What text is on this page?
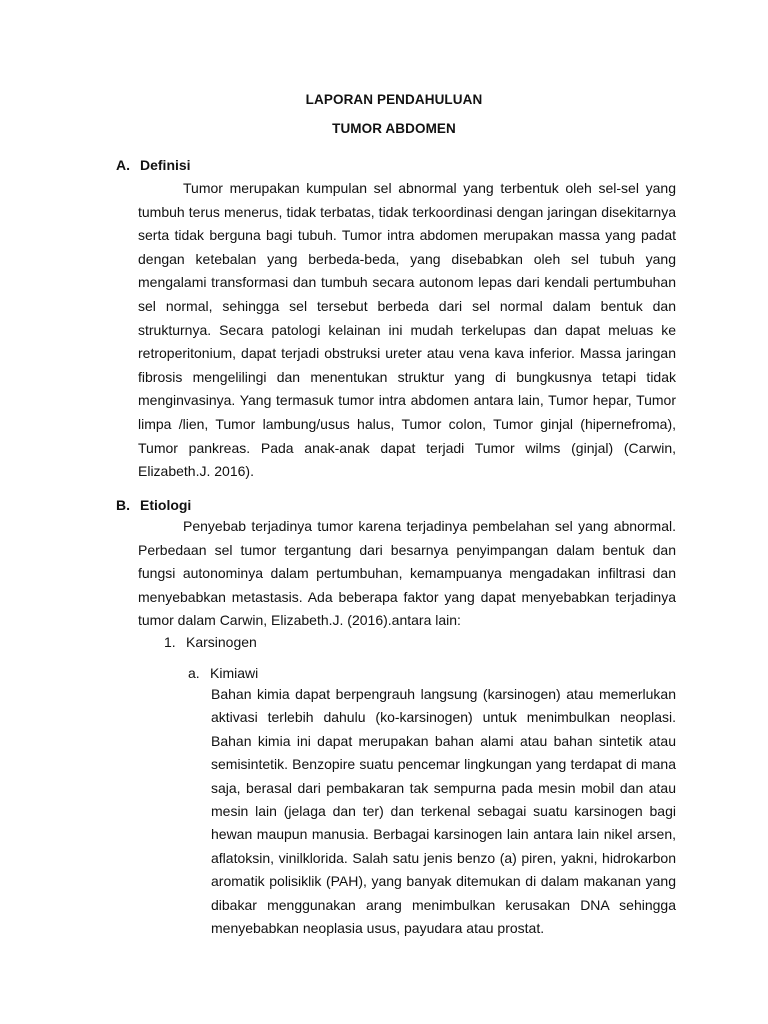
LAPORAN PENDAHULUAN
TUMOR ABDOMEN
A. Definisi

Tumor merupakan kumpulan sel abnormal yang terbentuk oleh sel-sel yang tumbuh terus menerus, tidak terbatas, tidak terkoordinasi dengan jaringan disekitarnya serta tidak berguna bagi tubuh. Tumor intra abdomen merupakan massa yang padat dengan ketebalan yang berbeda-beda, yang disebabkan oleh sel tubuh yang mengalami transformasi dan tumbuh secara autonom lepas dari kendali pertumbuhan sel normal, sehingga sel tersebut berbeda dari sel normal dalam bentuk dan strukturnya. Secara patologi kelainan ini mudah terkelupas dan dapat meluas ke retroperitonium, dapat terjadi obstruksi ureter atau vena kava inferior. Massa jaringan fibrosis mengelilingi dan menentukan struktur yang di bungkusnya tetapi tidak menginvasinya. Yang termasuk tumor intra abdomen antara lain, Tumor hepar, Tumor limpa /lien, Tumor lambung/usus halus, Tumor colon, Tumor ginjal (hipernefroma), Tumor pankreas. Pada anak-anak dapat terjadi Tumor wilms (ginjal) (Carwin, Elizabeth.J. 2016).

B. Etiologi

Penyebab terjadinya tumor karena terjadinya pembelahan sel yang abnormal. Perbedaan sel tumor tergantung dari besarnya penyimpangan dalam bentuk dan fungsi autonominya dalam pertumbuhan, kemampuanya mengadakan infiltrasi dan menyebabkan metastasis. Ada beberapa faktor yang dapat menyebabkan terjadinya tumor dalam Carwin, Elizabeth.J. (2016).antara lain:

1. Karsinogen
a. Kimiawi

Bahan kimia dapat berpengrauh langsung (karsinogen) atau memerlukan aktivasi terlebih dahulu (ko-karsinogen) untuk menimbulkan neoplasi. Bahan kimia ini dapat merupakan bahan alami atau bahan sintetik atau semisintetik. Benzopire suatu pencemar lingkungan yang terdapat di mana saja, berasal dari pembakaran tak sempurna pada mesin mobil dan atau mesin lain (jelaga dan ter) dan terkenal sebagai suatu karsinogen bagi hewan maupun manusia. Berbagai karsinogen lain antara lain nikel arsen, aflatoksin, vinilklorida. Salah satu jenis benzo (a) piren, yakni, hidrokarbon aromatik polisiklik (PAH), yang banyak ditemukan di dalam makanan yang dibakar menggunakan arang menimbulkan kerusakan DNA sehingga menyebabkan neoplasia usus, payudara atau prostat.
